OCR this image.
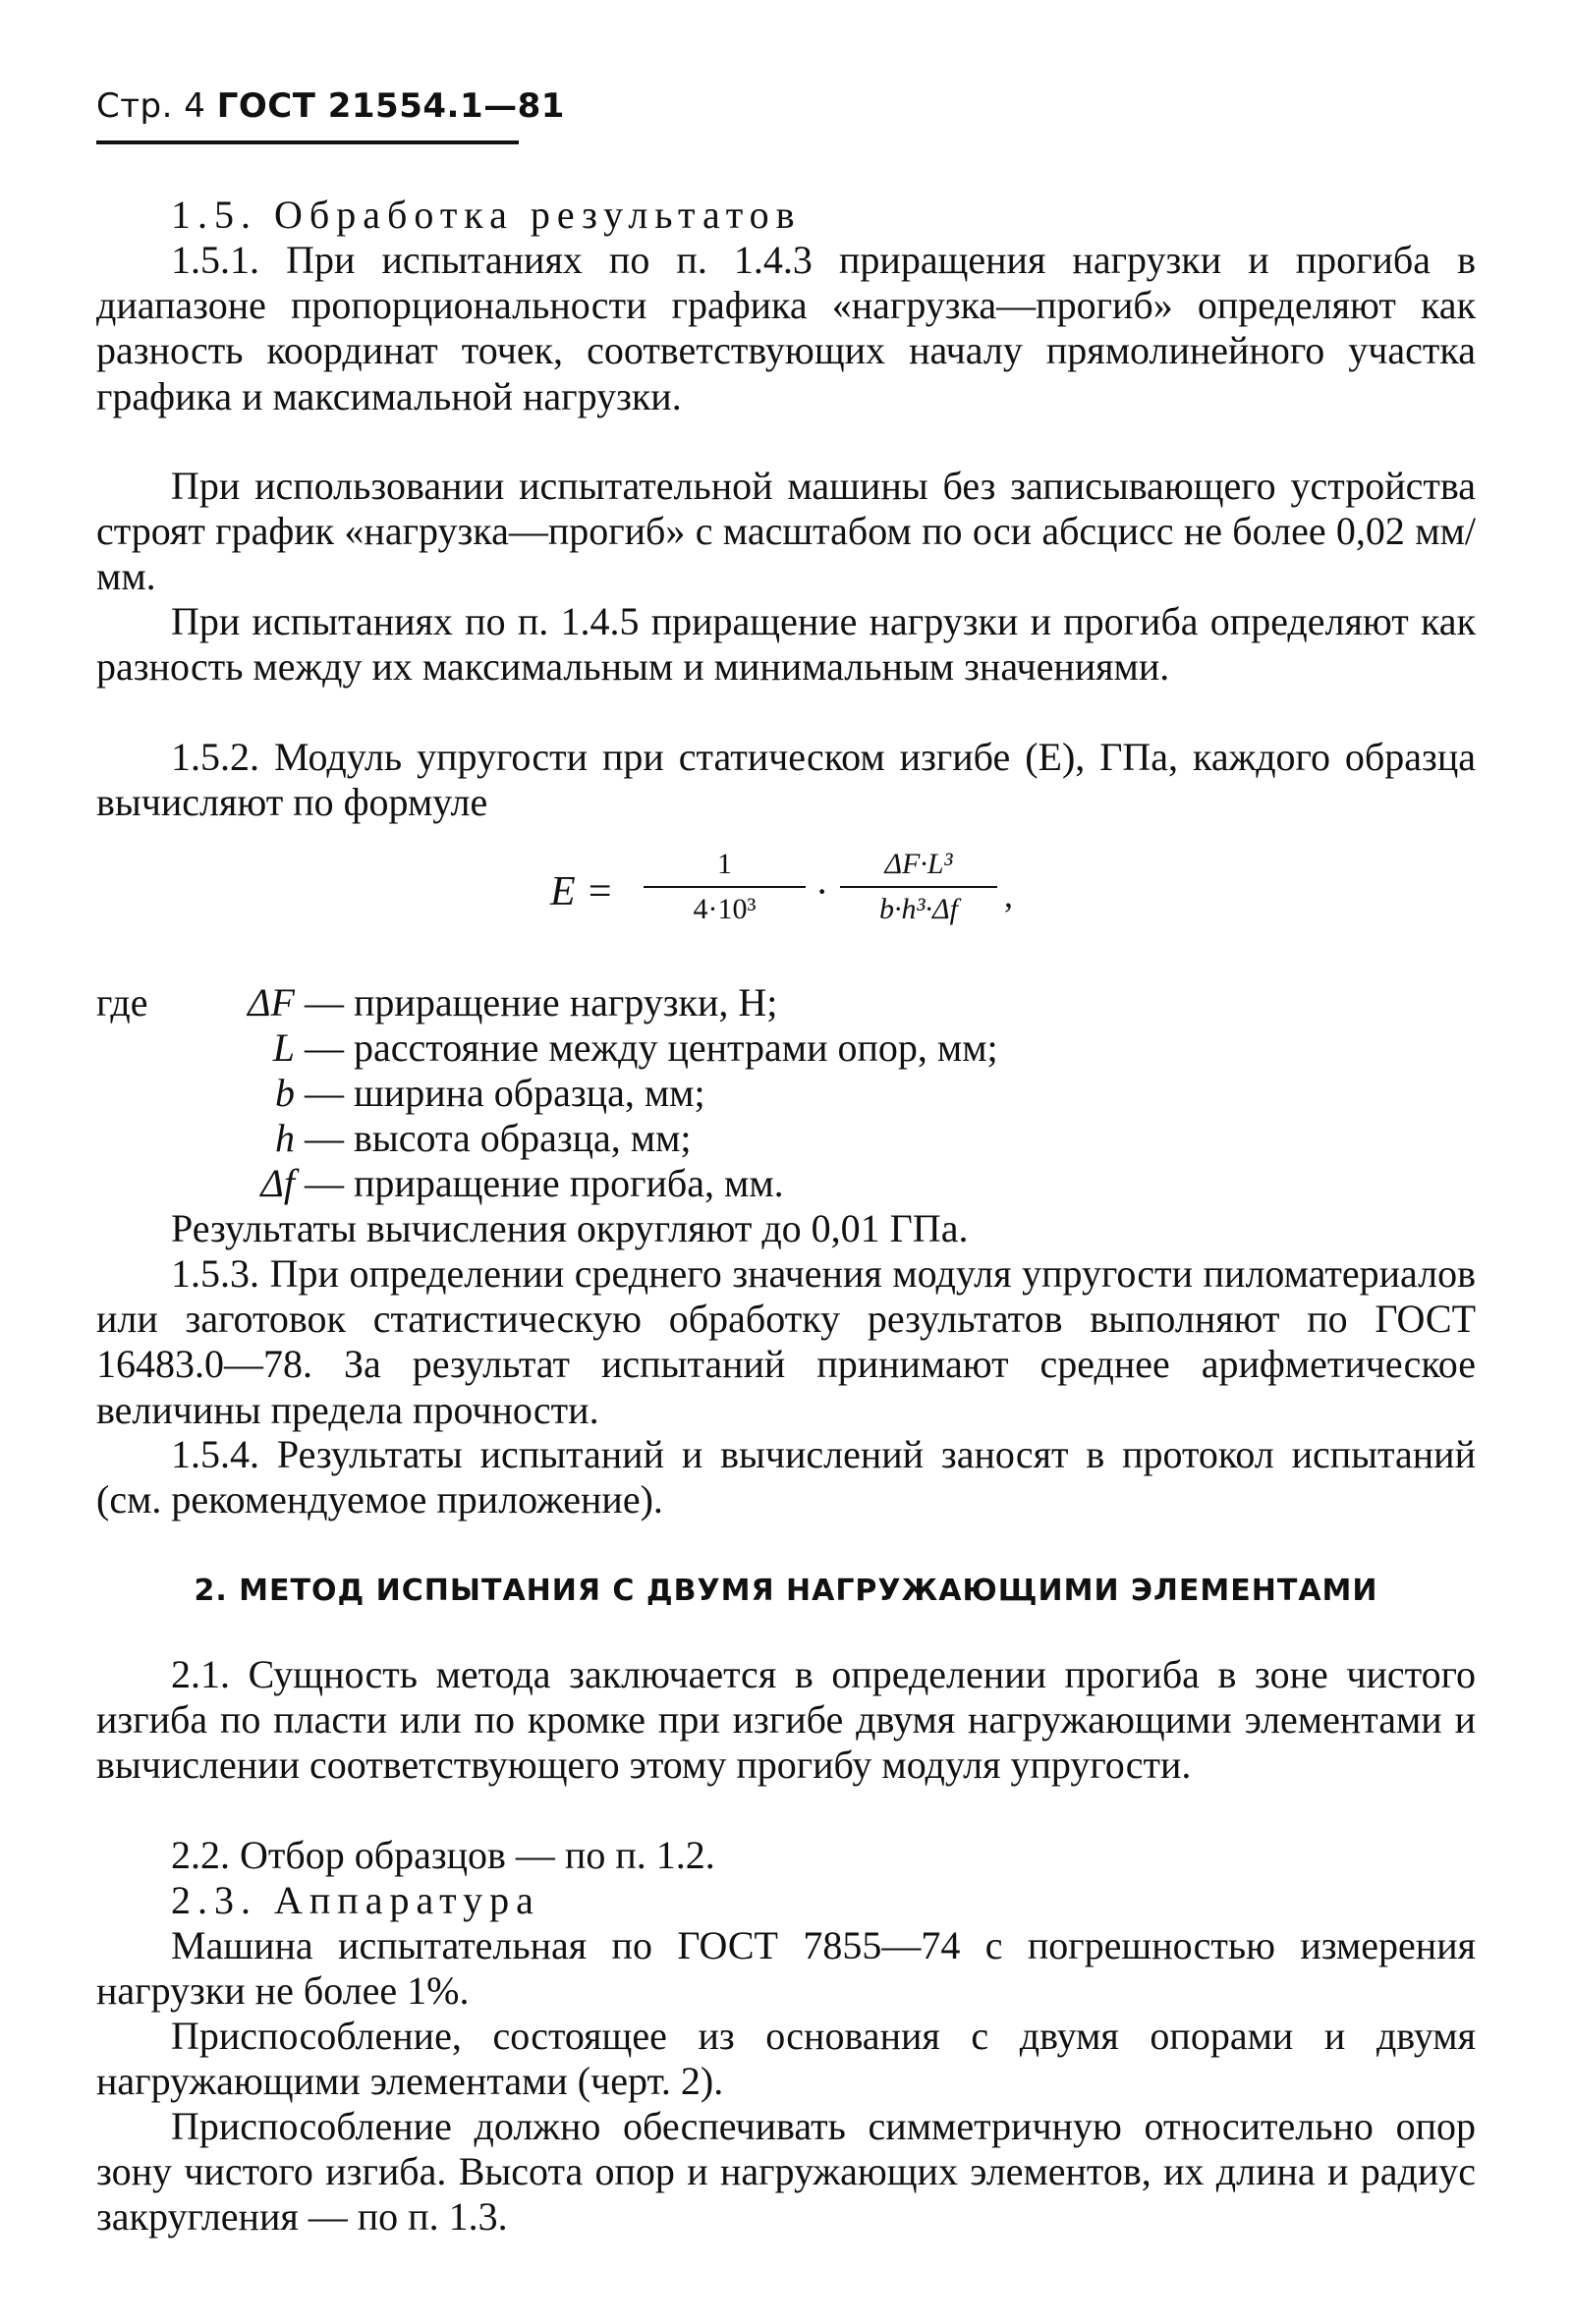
Стр. 4 ГОСТ 21554.1—81

1.5. Обработка результатов

1.5.1. При испытаниях по п. 1.4.3 приращения нагрузки и прогиба в диапазоне пропорциональности графика «нагрузка—прогиб» определяют как разность координат точек, соответствующих началу прямолинейного участка графика и максимальной нагрузки.

При использовании испытательной машины без записывающего устройства строят график «нагрузка—прогиб» с масштабом по оси абсцисс не более 0,02 мм/мм.

При испытаниях по п. 1.4.5 приращение нагрузки и прогиба определяют как разность между их максимальным и минимальным значениями.

1.5.2. Модуль упругости при статическом изгибе (E), ГПа, каждого образца вычисляют по формуле

E =
1
4·10³	·
ΔF·L³
b·h³·Δf	,
где	ΔF — приращение нагрузки, Н;
L — расстояние между центрами опор, мм;
b — ширина образца, мм;
h — высота образца, мм;
Δf — приращение прогиба, мм.

Результаты вычисления округляют до 0,01 ГПа.

1.5.3. При определении среднего значения модуля упругости пиломатериалов или заготовок статистическую обработку результатов выполняют по ГОСТ 16483.0—78. За результат испытаний принимают среднее арифметическое величины предела прочности.

1.5.4. Результаты испытаний и вычислений заносят в протокол испытаний (см. рекомендуемое приложение).

2. МЕТОД ИСПЫТАНИЯ С ДВУМЯ НАГРУЖАЮЩИМИ ЭЛЕМЕНТАМИ

2.1. Сущность метода заключается в определении прогиба в зоне чистого изгиба по пласти или по кромке при изгибе двумя нагружающими элементами и вычислении соответствующего этому прогибу модуля упругости.

2.2. Отбор образцов — по п. 1.2.

2.3. Аппаратура

Машина испытательная по ГОСТ 7855—74 с погрешностью измерения нагрузки не более 1%.

Приспособление, состоящее из основания с двумя опорами и двумя нагружающими элементами (черт. 2).

Приспособление должно обеспечивать симметричную относительно опор зону чистого изгиба. Высота опор и нагружающих элементов, их длина и радиус закругления — по п. 1.3.
